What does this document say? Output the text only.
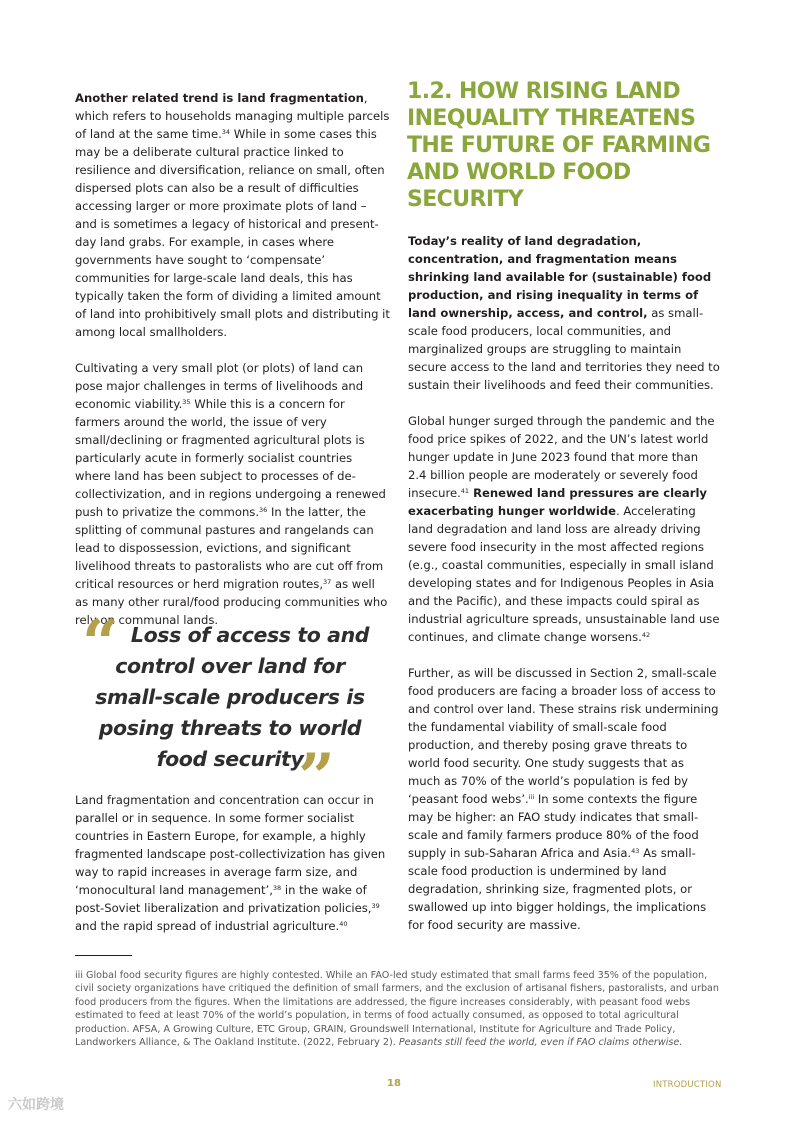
Another related trend is land fragmentation, which refers to households managing multiple parcels of land at the same time.$^{34}$ While in some cases this may be a deliberate cultural practice linked to resilience and diversification, reliance on small, often dispersed plots can also be a result of difficulties accessing larger or more proximate plots of land – and is sometimes a legacy of historical and present-day land grabs. For example, in cases where governments have sought to ‘compensate’ communities for large-scale land deals, this has typically taken the form of dividing a limited amount of land into prohibitively small plots and distributing it among local smallholders.

Cultivating a very small plot (or plots) of land can pose major challenges in terms of livelihoods and economic viability.$^{35}$ While this is a concern for farmers around the world, the issue of very small/declining or fragmented agricultural plots is particularly acute in formerly socialist countries where land has been subject to processes of de-collectivization, and in regions undergoing a renewed push to privatize the commons.$^{36}$ In the latter, the splitting of communal pastures and rangelands can lead to dispossession, evictions, and significant livelihood threats to pastoralists who are cut off from critical resources or herd migration routes,$^{37}$ as well as many other rural/food producing communities who rely on communal lands.

“ Loss of access to and control over land for small-scale producers is posing threats to world food security
”

Land fragmentation and concentration can occur in parallel or in sequence. In some former socialist countries in Eastern Europe, for example, a highly fragmented landscape post-collectivization has given way to rapid increases in average farm size, and ‘monocultural land management’,$^{38}$ in the wake of post-Soviet liberalization and privatization policies,$^{39}$ and the rapid spread of industrial agriculture.$^{40}$

1.2. HOW RISING LAND INEQUALITY THREATENS THE FUTURE OF FARMING AND WORLD FOOD SECURITY

Today’s reality of land degradation, concentration, and fragmentation means shrinking land available for (sustainable) food production, and rising inequality in terms of land ownership, access, and control, as small-scale food producers, local communities, and marginalized groups are struggling to maintain secure access to the land and territories they need to sustain their livelihoods and feed their communities.

Global hunger surged through the pandemic and the food price spikes of 2022, and the UN’s latest world hunger update in June 2023 found that more than 2.4 billion people are moderately or severely food insecure.$^{41}$ Renewed land pressures are clearly exacerbating hunger worldwide. Accelerating land degradation and land loss are already driving severe food insecurity in the most affected regions (e.g., coastal communities, especially in small island developing states and for Indigenous Peoples in Asia and the Pacific), and these impacts could spiral as industrial agriculture spreads, unsustainable land use continues, and climate change worsens.$^{42}$

Further, as will be discussed in Section 2, small-scale food producers are facing a broader loss of access to and control over land. These strains risk undermining the fundamental viability of small-scale food production, and thereby posing grave threats to world food security. One study suggests that as much as 70% of the world’s population is fed by ‘peasant food webs’.$^{iii}$ In some contexts the figure may be higher: an FAO study indicates that small-scale and family farmers produce 80% of the food supply in sub-Saharan Africa and Asia.$^{43}$ As small-scale food production is undermined by land degradation, shrinking size, fragmented plots, or swallowed up into bigger holdings, the implications for food security are massive.

iii Global food security figures are highly contested. While an FAO-led study estimated that small farms feed 35% of the population, civil society organizations have critiqued the definition of small farmers, and the exclusion of artisanal fishers, pastoralists, and urban food producers from the figures. When the limitations are addressed, the figure increases considerably, with peasant food webs estimated to feed at least 70% of the world’s population, in terms of food actually consumed, as opposed to total agricultural production. AFSA, A Growing Culture, ETC Group, GRAIN, Groundswell International, Institute for Agriculture and Trade Policy, Landworkers Alliance, & The Oakland Institute. (2022, February 2). Peasants still feed the world, even if FAO claims otherwise.
18	INTRODUCTION
六如跨境
